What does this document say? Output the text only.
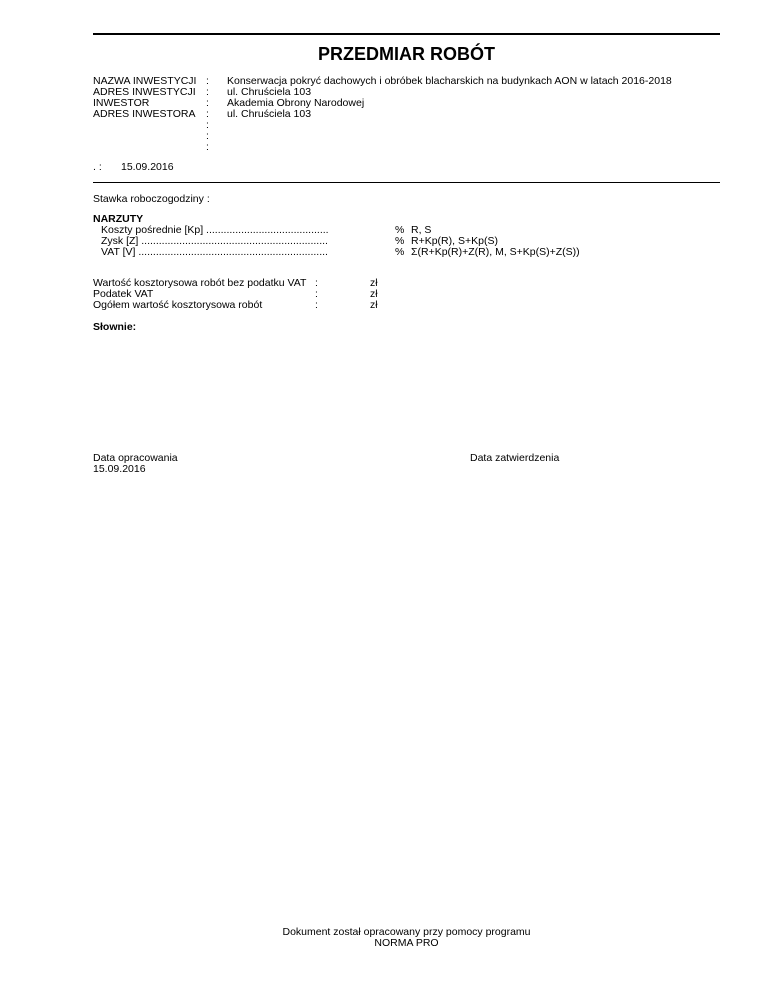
PRZEDMIAR ROBÓT
NAZWA INWESTYCJI
ADRES INWESTYCJI
INWESTOR
ADRES INWESTORA
:
:
:
:
:
:
:
Konserwacja pokryć dachowych i obróbek blacharskich na budynkach AON w latach 2016-2018
ul. Chruściela 103
Akademia Obrony Narodowej
ul. Chruściela 103
. : 15.09.2016
Stawka roboczogodziny :
NARZUTY
Koszty pośrednie [Kp] ..........................................
Zysk [Z] ................................................................
VAT [V] .................................................................
%
%
%
R, S
R+Kp(R), S+Kp(S)
Σ(R+Kp(R)+Z(R), M, S+Kp(S)+Z(S))
Wartość kosztorysowa robót bez podatku VAT
Podatek VAT
Ogółem wartość kosztorysowa robót
:
:
:
zł
zł
zł
Słownie:
Data opracowania
15.09.2016
Data zatwierdzenia
Dokument został opracowany przy pomocy programu
NORMA PRO
